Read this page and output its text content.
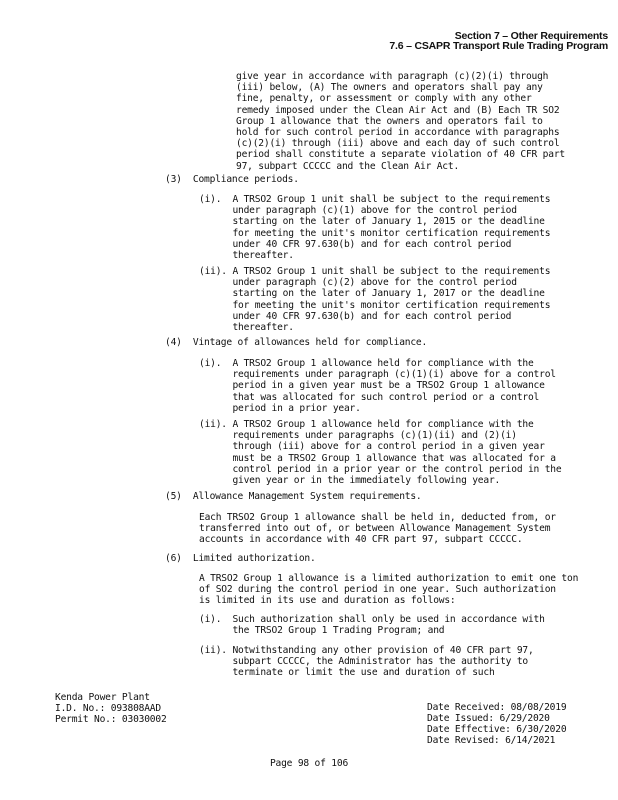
Section 7 – Other Requirements
7.6 – CSAPR Transport Rule Trading Program
give year in accordance with paragraph (c)(2)(i) through
(iii) below, (A) The owners and operators shall pay any
fine, penalty, or assessment or comply with any other
remedy imposed under the Clean Air Act and (B) Each TR SO2
Group 1 allowance that the owners and operators fail to
hold for such control period in accordance with paragraphs
(c)(2)(i) through (iii) above and each day of such control
period shall constitute a separate violation of 40 CFR part
97, subpart CCCCC and the Clean Air Act.
(3)  Compliance periods.
(i).  A TRSO2 Group 1 unit shall be subject to the requirements
under paragraph (c)(1) above for the control period
starting on the later of January 1, 2015 or the deadline
for meeting the unit's monitor certification requirements
under 40 CFR 97.630(b) and for each control period
thereafter.
(ii). A TRSO2 Group 1 unit shall be subject to the requirements
under paragraph (c)(2) above for the control period
starting on the later of January 1, 2017 or the deadline
for meeting the unit's monitor certification requirements
under 40 CFR 97.630(b) and for each control period
thereafter.
(4)  Vintage of allowances held for compliance.
(i).  A TRSO2 Group 1 allowance held for compliance with the
requirements under paragraph (c)(1)(i) above for a control
period in a given year must be a TRSO2 Group 1 allowance
that was allocated for such control period or a control
period in a prior year.
(ii). A TRSO2 Group 1 allowance held for compliance with the
requirements under paragraphs (c)(1)(ii) and (2)(i)
through (iii) above for a control period in a given year
must be a TRSO2 Group 1 allowance that was allocated for a
control period in a prior year or the control period in the
given year or in the immediately following year.
(5)  Allowance Management System requirements.
Each TRSO2 Group 1 allowance shall be held in, deducted from, or
transferred into out of, or between Allowance Management System
accounts in accordance with 40 CFR part 97, subpart CCCCC.
(6)  Limited authorization.
A TRSO2 Group 1 allowance is a limited authorization to emit one ton
of SO2 during the control period in one year. Such authorization
is limited in its use and duration as follows:
(i).  Such authorization shall only be used in accordance with
the TRSO2 Group 1 Trading Program; and
(ii). Notwithstanding any other provision of 40 CFR part 97,
subpart CCCCC, the Administrator has the authority to
terminate or limit the use and duration of such
Kenda Power Plant
I.D. No.: 093808AAD
Permit No.: 03030002
Date Received: 08/08/2019
Date Issued: 6/29/2020
Date Effective: 6/30/2020
Date Revised: 6/14/2021
Page 98 of 106
